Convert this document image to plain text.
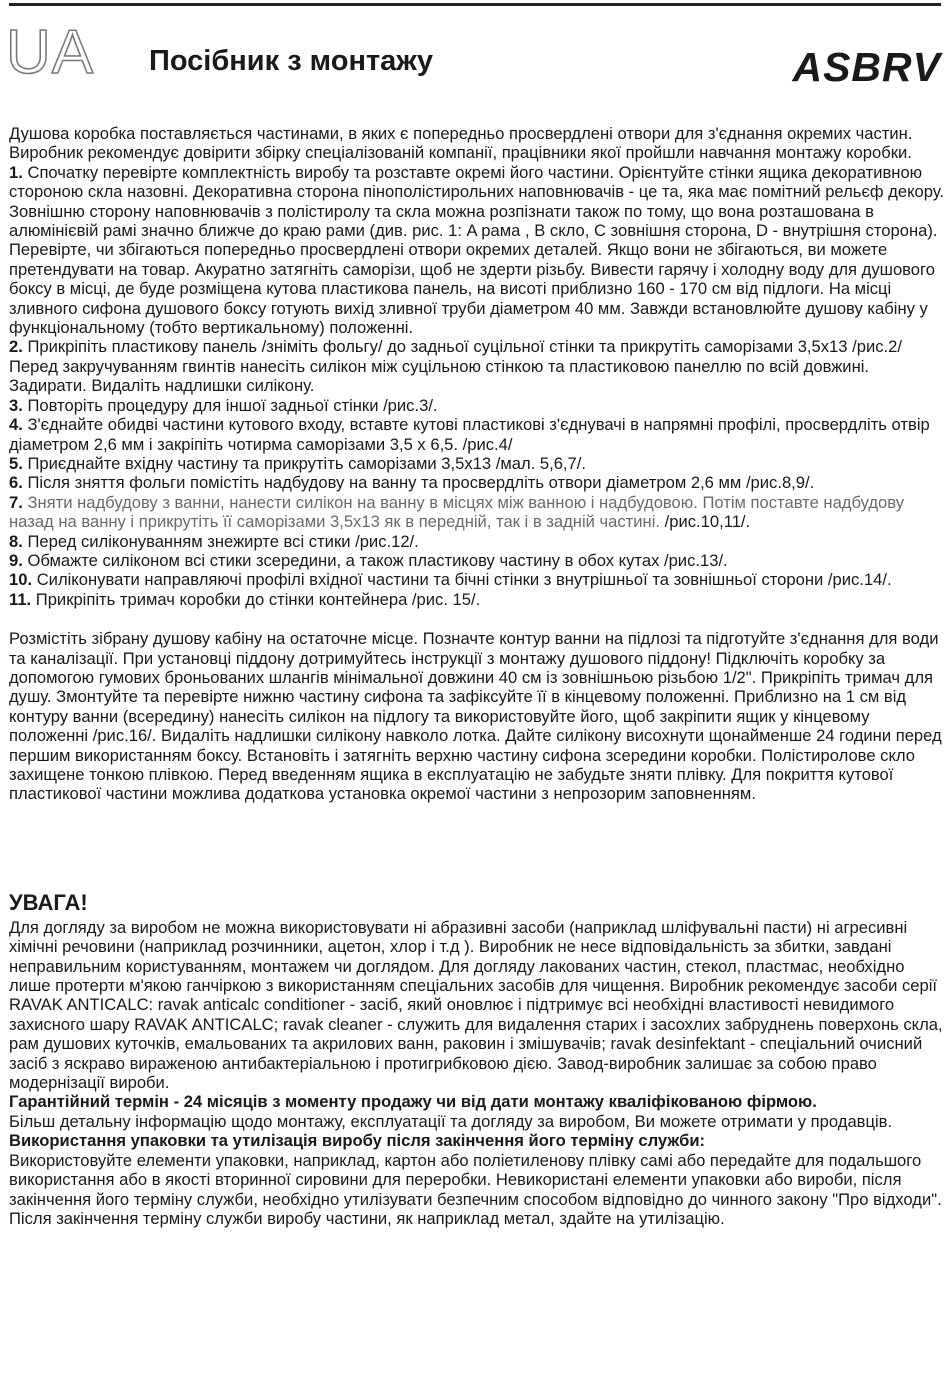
UA Посібник з монтажу	ASBRV

Душова коробка поставляється частинами, в яких є попередньо просвердлені отвори для з'єднання окремих частин. Виробник рекомендує довірити збірку спеціалізованій компанії, працівники якої пройшли навчання монтажу коробки.

1. Спочатку перевірте комплектність виробу та розставте окремі його частини. Орієнтуйте стінки ящика декоративною стороною скла назовні. Декоративна сторона пінополістирольних наповнювачів - це та, яка має помітний рельєф декору. Зовнішню сторону наповнювачів з полістиролу та скла можна розпізнати також по тому, що вона розташована в алюмінієвій рамі значно ближче до краю рами (див. рис. 1: A рама , B скло, C зовнішня сторона, D - внутрішня сторона). Перевірте, чи збігаються попередньо просвердлені отвори окремих деталей. Якщо вони не збігаються, ви можете претендувати на товар. Акуратно затягніть саморізи, щоб не здерти різьбу. Вивести гарячу і холодну воду для душового боксу в місці, де буде розміщена кутова пластикова панель, на висоті приблизно 160 - 170 см від підлоги. На місці зливного сифона душового боксу готують вихід зливної труби діаметром 40 мм. Завжди встановлюйте душову кабіну у функціональному (тобто вертикальному) положенні.

2. Прикріпіть пластикову панель /зніміть фольгу/ до задньої суцільної стінки та прикрутіть саморізами 3,5x13 /рис.2/ Перед закручуванням гвинтів нанесіть силікон між суцільною стінкою та пластиковою панеллю по всій довжині. Задирати. Видаліть надлишки силікону.

3. Повторіть процедуру для іншої задньої стінки /рис.3/.

4. З'єднайте обидві частини кутового входу, вставте кутові пластикові з'єднувачі в напрямні профілі, просвердліть отвір діаметром 2,6 мм і закріпіть чотирма саморізами 3,5 x 6,5. /рис.4/

5. Приєднайте вхідну частину та прикрутіть саморізами 3,5x13 /мал. 5,6,7/.

6. Після зняття фольги помістіть надбудову на ванну та просвердліть отвори діаметром 2,6 мм /рис.8,9/.

7. Зняти надбудову з ванни, нанести силікон на ванну в місцях між ванною і надбудовою. Потім поставте надбудову назад на ванну і прикрутіть її саморізами 3,5x13 як в передній, так і в задній частині. /рис.10,11/.

8. Перед силіконуванням знежирте всі стики /рис.12/.

9. Обмажте силіконом всі стики зсередини, а також пластикову частину в обох кутах /рис.13/.

10. Силіконувати направляючі профілі вхідної частини та бічні стінки з внутрішньої та зовнішньої сторони /рис.14/.

11. Прикріпіть тримач коробки до стінки контейнера /рис. 15/.

Розмістіть зібрану душову кабіну на остаточне місце. Позначте контур ванни на підлозі та підготуйте з'єднання для води та каналізації. При установці піддону дотримуйтесь інструкції з монтажу душового піддону! Підключіть коробку за допомогою гумових броньованих шлангів мінімальної довжини 40 см із зовнішньою різьбою 1/2". Прикріпіть тримач для душу. Змонтуйте та перевірте нижню частину сифона та зафіксуйте її в кінцевому положенні. Приблизно на 1 см від контуру ванни (всередину) нанесіть силікон на підлогу та використовуйте його, щоб закріпити ящик у кінцевому положенні /рис.16/. Видаліть надлишки силікону навколо лотка. Дайте силікону висохнути щонайменше 24 години перед першим використанням боксу. Встановіть і затягніть верхню частину сифона зсередини коробки. Полістиролове скло захищене тонкою плівкою. Перед введенням ящика в експлуатацію не забудьте зняти плівку. Для покриття кутової пластикової частини можлива додаткова установка окремої частини з непрозорим заповненням.

УВАГА!

Для догляду за виробом не можна використовувати ні абразивні засоби (наприклад шліфувальні пасти) ні агресивні хімічні речовини (наприклад розчинники, ацетон, хлор і т.д ). Виробник не несе відповідальність за збитки, завдані неправильним користуванням, монтажем чи доглядом. Для догляду лакованих частин, стекол, пластмас, необхідно лише протерти м'якою ганчіркою з використанням спеціальних засобів для чищення. Виробник рекомендує засоби серії RAVAK ANTICALC: ravak anticalc conditioner - засіб, який оновлює і підтримує всі необхідні властивості невидимого захисного шару RAVAK ANTICALC; ravak cleaner - служить для видалення старих і засохлих забруднень поверхонь скла, рам душових куточків, емальованих та акрилових ванн, раковин і змішувачів; ravak desinfektant - спеціальний очисний засіб з яскраво вираженою антибактеріальною і протигрибковою дією. Завод-виробник залишає за собою право модернізації вироби.

Гарантійний термін - 24 місяців з моменту продажу чи від дати монтажу кваліфікованою фірмою.

Більш детальну інформацію щодо монтажу, експлуатації та догляду за виробом, Ви можете отримати у продавців.

Використання упаковки та утилізація виробу після закінчення його терміну служби:

Використовуйте елементи упаковки, наприклад, картон або поліетиленову плівку самі або передайте для подальшого використання або в якості вторинної сировини для переробки. Невикористані елементи упаковки або вироби, після закінчення його терміну служби, необхідно утилізувати безпечним способом відповідно до чинного закону "Про відходи". Після закінчення терміну служби виробу частини, як наприклад метал, здайте на утилізацію.
